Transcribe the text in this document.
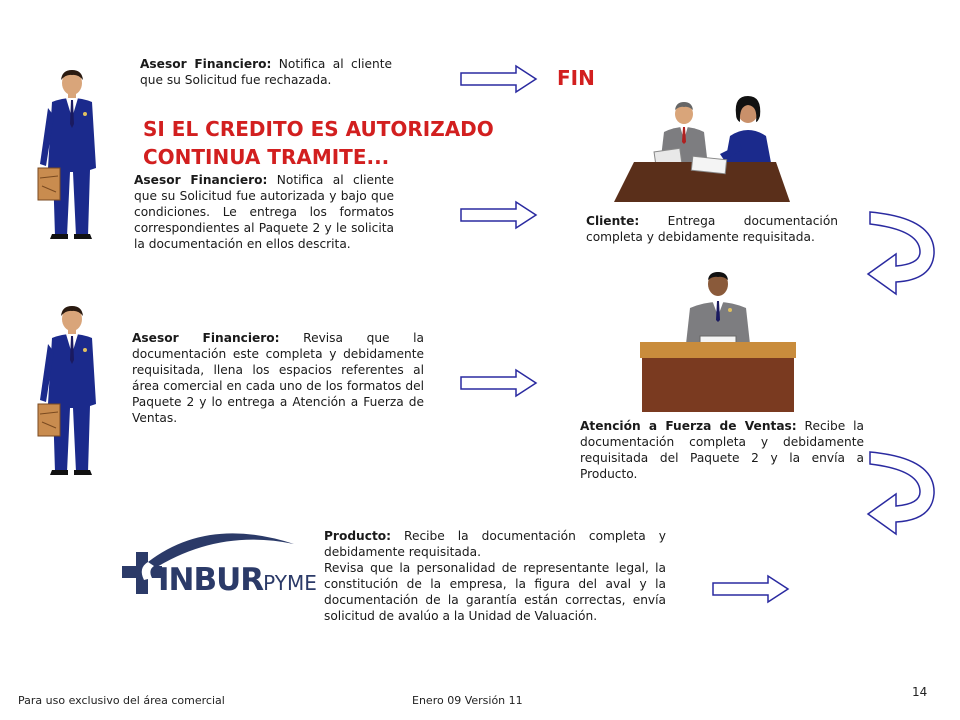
Asesor Financiero: Notifica al cliente que su Solicitud fue rechazada.	FIN
SI EL CREDITO ES AUTORIZADO
CONTINUA TRAMITE...
Asesor Financiero: Notifica al cliente que su Solicitud fue autorizada y bajo que condiciones. Le entrega los formatos correspondientes al Paquete 2 y le solicita la documentación en ellos descrita.
Cliente: Entrega documentación completa y debidamente requisitada.
Asesor Financiero: Revisa que la documentación este completa y debidamente requisitada, llena los espacios referentes al área comercial en cada uno de los formatos del Paquete 2 y lo entrega a Atención a Fuerza de Ventas.
Atención a Fuerza de Ventas: Recibe la documentación completa y debidamente requisitada del Paquete 2 y la envía a Producto.
INBURPYME
Producto: Recibe la documentación completa y debidamente requisitada.
Revisa que la personalidad de representante legal, la constitución de la empresa, la figura del aval y la documentación de la garantía están correctas, envía solicitud de avalúo a la Unidad de Valuación.
Para uso exclusivo del área comercial	Enero 09 Versión 11
14
